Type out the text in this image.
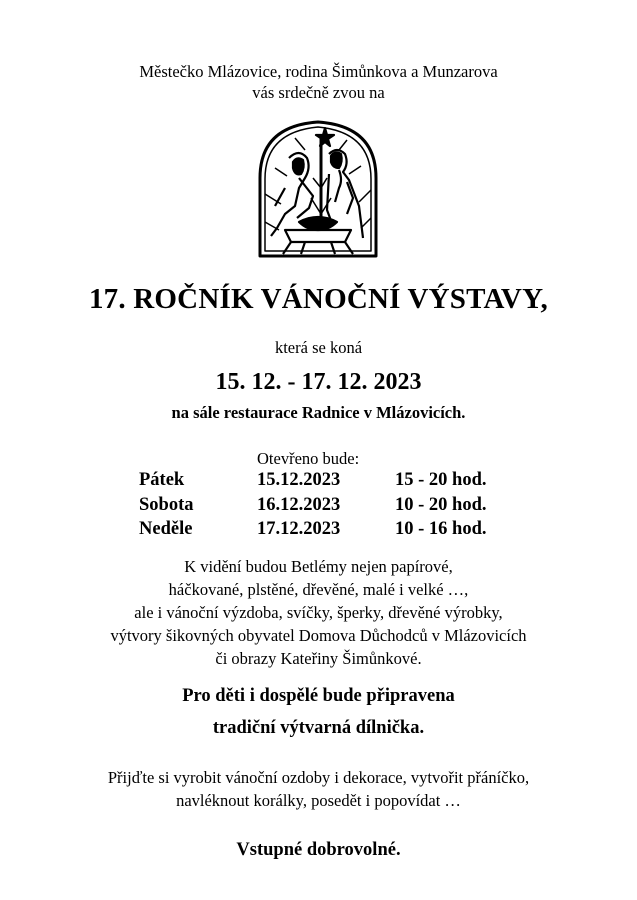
Městečko Mlázovice, rodina Šimůnkova a Munzarova

vás srdečně zvou na

17. ROČNÍK VÁNOČNÍ VÝSTAVY,

která se koná

15. 12. - 17. 12. 2023

na sále restaurace Radnice v Mlázovicích.

Otevřeno bude:

Pátek	15.12.2023	15 - 20 hod.
Sobota	16.12.2023	10 - 20 hod.
Neděle	17.12.2023	10 - 16 hod.

K vidění budou Betlémy nejen papírové,

háčkované, plstěné, dřevěné, malé i velké …,

ale i vánoční výzdoba, svíčky, šperky, dřevěné výrobky,

výtvory šikovných obyvatel Domova Důchodců v Mlázovicích

či obrazy Kateřiny Šimůnkové.

Pro děti i dospělé bude připravena

tradiční výtvarná dílnička.

Přijďte si vyrobit vánoční ozdoby i dekorace, vytvořit přáníčko,

navléknout korálky, posedět i popovídat …

Vstupné dobrovolné.
